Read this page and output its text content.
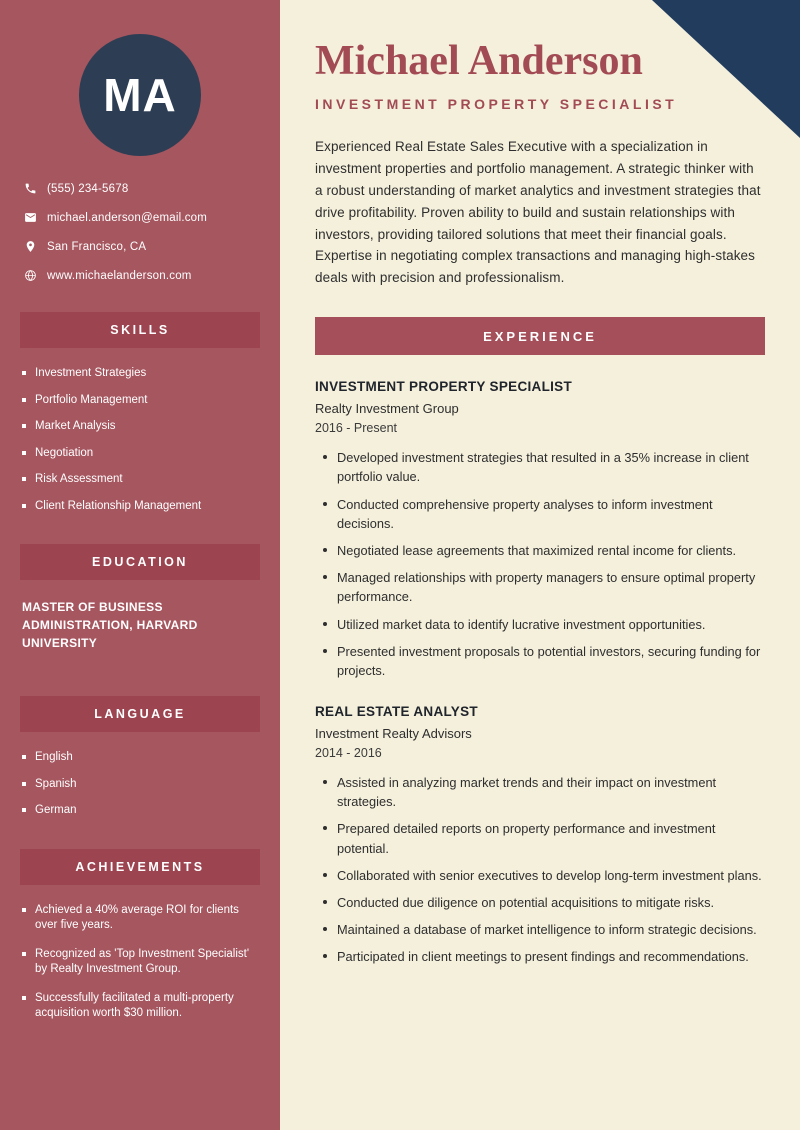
MA
(555) 234-5678
michael.anderson@email.com
San Francisco, CA
www.michaelanderson.com
SKILLS
Investment Strategies
Portfolio Management
Market Analysis
Negotiation
Risk Assessment
Client Relationship Management
EDUCATION
MASTER OF BUSINESS ADMINISTRATION, HARVARD UNIVERSITY
LANGUAGE
English
Spanish
German
ACHIEVEMENTS
Achieved a 40% average ROI for clients over five years.
Recognized as 'Top Investment Specialist' by Realty Investment Group.
Successfully facilitated a multi-property acquisition worth $30 million.
Michael Anderson
INVESTMENT PROPERTY SPECIALIST

Experienced Real Estate Sales Executive with a specialization in investment properties and portfolio management. A strategic thinker with a robust understanding of market analytics and investment strategies that drive profitability. Proven ability to build and sustain relationships with investors, providing tailored solutions that meet their financial goals. Expertise in negotiating complex transactions and managing high-stakes deals with precision and professionalism.

EXPERIENCE
INVESTMENT PROPERTY SPECIALIST
Realty Investment Group
2016 - Present
Developed investment strategies that resulted in a 35% increase in client portfolio value.
Conducted comprehensive property analyses to inform investment decisions.
Negotiated lease agreements that maximized rental income for clients.
Managed relationships with property managers to ensure optimal property performance.
Utilized market data to identify lucrative investment opportunities.
Presented investment proposals to potential investors, securing funding for projects.
REAL ESTATE ANALYST
Investment Realty Advisors
2014 - 2016
Assisted in analyzing market trends and their impact on investment strategies.
Prepared detailed reports on property performance and investment potential.
Collaborated with senior executives to develop long-term investment plans.
Conducted due diligence on potential acquisitions to mitigate risks.
Maintained a database of market intelligence to inform strategic decisions.
Participated in client meetings to present findings and recommendations.
